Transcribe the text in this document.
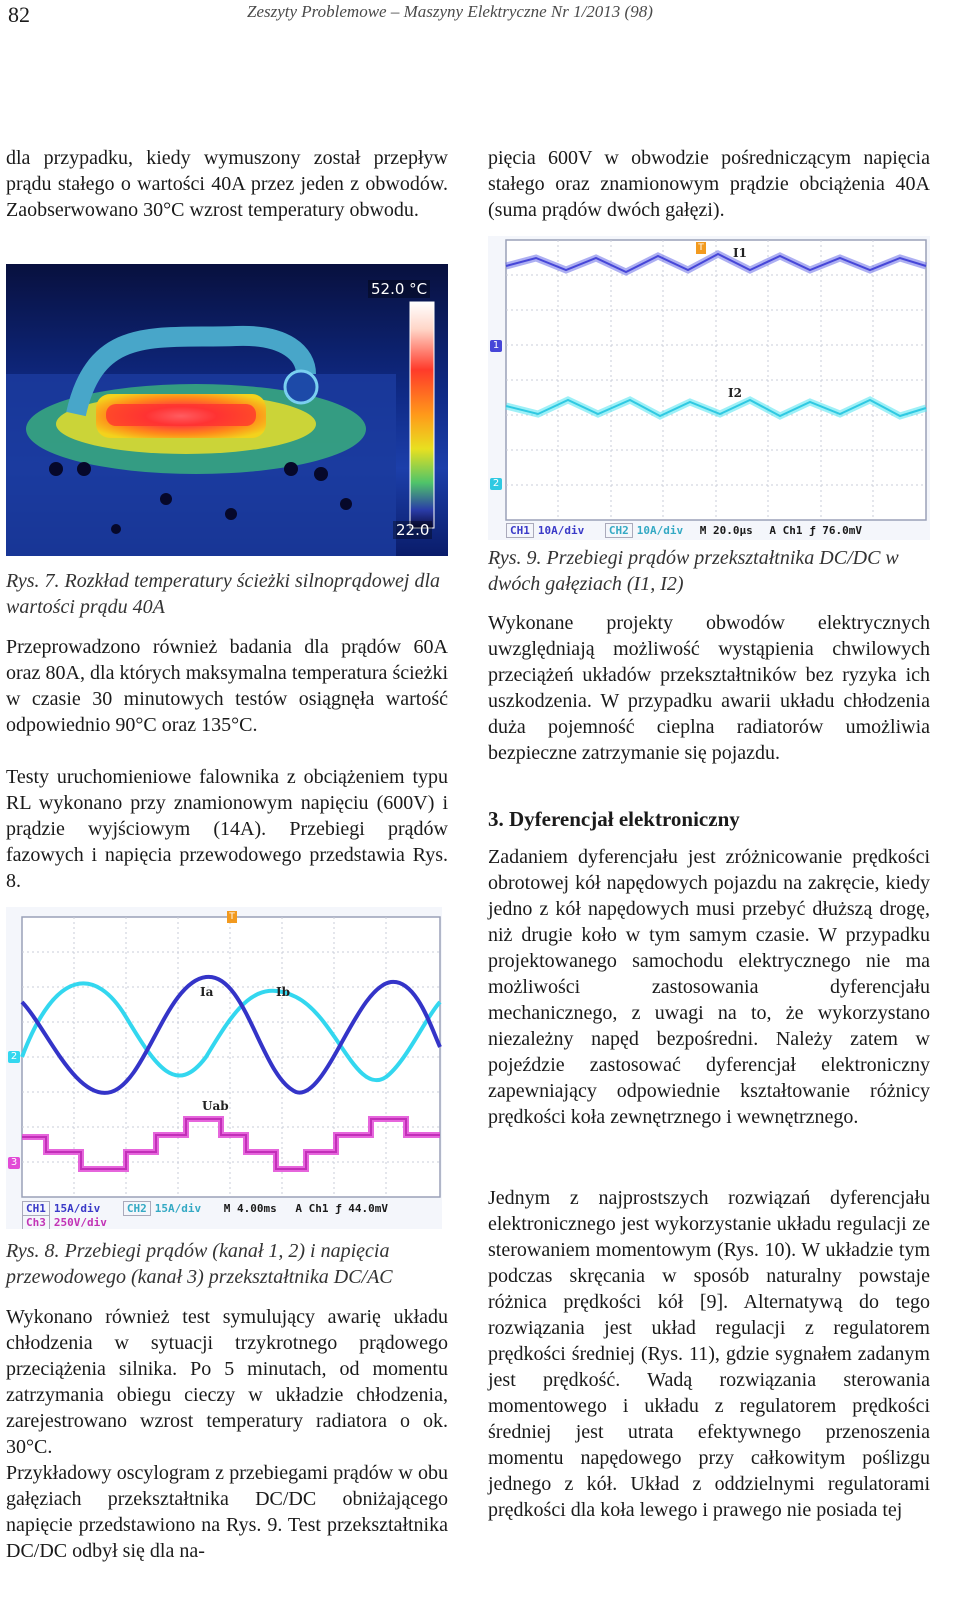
82	Zeszyty Problemowe – Maszyny Elektryczne Nr 1/2013 (98)

dla przypadku, kiedy wymuszony został przepływ prądu stałego o wartości 40A przez jeden z obwodów. Zaobserwowano 30°C wzrost temperatury obwodu.

52.0 °C
22.0

Rys. 7. Rozkład temperatury ścieżki silnoprądowej dla wartości prądu 40A

Przeprowadzono również badania dla prądów 60A oraz 80A, dla których maksymalna temperatura ścieżki w czasie 30 minutowych testów osiągnęła wartość odpowiednio 90°C oraz 135°C.

Testy uruchomieniowe falownika z obciążeniem typu RL wykonano przy znamionowym napięciu (600V) i prądzie wyjściowym (14A). Przebiegi prądów fazowych i napięcia przewodowego przedstawia Rys. 8.

T
2
3
Ia	Ib
Uab
CH1 15A/div CH2 15A/div M 4.00ms A Ch1 ƒ 44.0mV
Ch3 250V/div

Rys. 8. Przebiegi prądów (kanał 1, 2) i napięcia przewodowego (kanał 3) przekształtnika DC/AC

Wykonano również test symulujący awarię układu chłodzenia w sytuacji trzykrotnego prądowego przeciążenia silnika. Po 5 minutach, od momentu zatrzymania obiegu cieczy w układzie chłodzenia, zarejestrowano wzrost temperatury radiatora o ok. 30°C.

Przykładowy oscylogram z przebiegami prądów w obu gałęziach przekształtnika DC/DC obniżającego napięcie przedstawiono na Rys. 9. Test przekształtnika DC/DC odbył się dla na-

pięcia 600V w obwodzie pośredniczącym napięcia stałego oraz znamionowym prądzie obciążenia 40A (suma prądów dwóch gałęzi).

T
1
2
I1
I2
CH1 10A/div CH2 10A/div M 20.0µs A Ch1 ƒ 76.0mV

Rys. 9. Przebiegi prądów przekształtnika DC/DC w dwóch gałęziach (I1, I2)

Wykonane projekty obwodów elektrycznych uwzględniają możliwość wystąpienia chwilowych przeciążeń układów przekształtników bez ryzyka ich uszkodzenia. W przypadku awarii układu chłodzenia duża pojemność cieplna radiatorów umożliwia bezpieczne zatrzymanie się pojazdu.

3. Dyferencjał elektroniczny

Zadaniem dyferencjału jest zróżnicowanie prędkości obrotowej kół napędowych pojazdu na zakręcie, kiedy jedno z kół napędowych musi przebyć dłuższą drogę, niż drugie koło w tym samym czasie. W przypadku projektowanego samochodu elektrycznego nie ma możliwości zastosowania dyferencjału mechanicznego, z uwagi na to, że wykorzystano niezależny napęd bezpośredni. Należy zatem w pojeździe zastosować dyferencjał elektroniczny zapewniający odpowiednie kształtowanie różnicy prędkości koła zewnętrznego i wewnętrznego.

Jednym z najprostszych rozwiązań dyferencjału elektronicznego jest wykorzystanie układu regulacji ze sterowaniem momentowym (Rys. 10). W układzie tym podczas skręcania w sposób naturalny powstaje różnica prędkości kół [9]. Alternatywą do tego rozwiązania jest układ regulacji z regulatorem prędkości średniej (Rys. 11), gdzie sygnałem zadanym jest prędkość. Wadą rozwiązania sterowania momentowego i układu z regulatorem prędkości średniej jest utrata efektywnego przenoszenia momentu napędowego przy całkowitym poślizgu jednego z kół. Układ z oddzielnymi regulatorami prędkości dla koła lewego i prawego nie posiada tej
